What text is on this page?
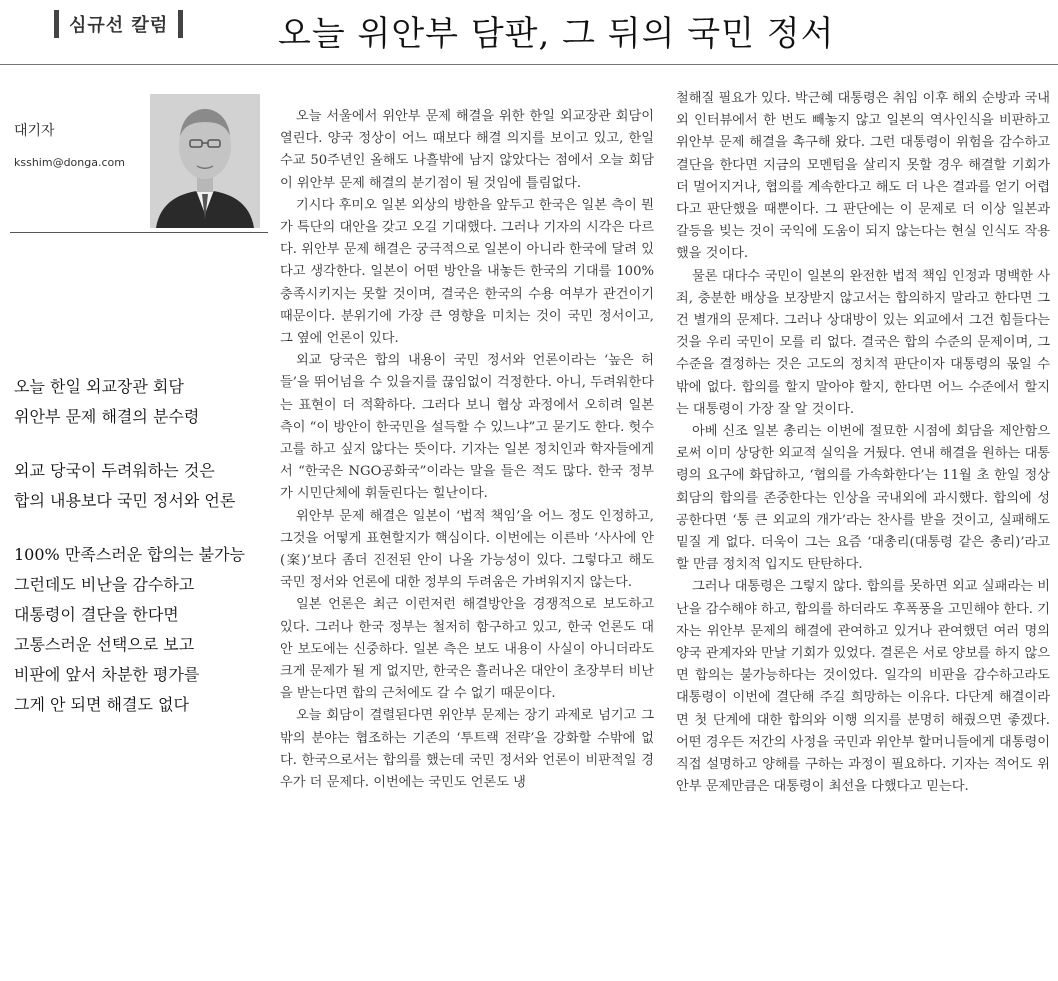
심규선 칼럼	오늘 위안부 담판, 그 뒤의 국민 정서
대기자
ksshim@donga.com
오늘 한일 외교장관 회담
위안부 문제 해결의 분수령
외교 당국이 두려워하는 것은
합의 내용보다 국민 정서와 언론
100% 만족스러운 합의는 불가능
그런데도 비난을 감수하고
대통령이 결단을 한다면
고통스러운 선택으로 보고
비판에 앞서 차분한 평가를
그게 안 되면 해결도 없다

오늘 서울에서 위안부 문제 해결을 위한 한일 외교장관 회담이 열린다. 양국 정상이 어느 때보다 해결 의지를 보이고 있고, 한일 수교 50주년인 올해도 나흘밖에 남지 않았다는 점에서 오늘 회담이 위안부 문제 해결의 분기점이 될 것임에 틀림없다.

기시다 후미오 일본 외상의 방한을 앞두고 한국은 일본 측이 뭔가 특단의 대안을 갖고 오길 기대했다. 그러나 기자의 시각은 다르다. 위안부 문제 해결은 궁극적으로 일본이 아니라 한국에 달려 있다고 생각한다. 일본이 어떤 방안을 내놓든 한국의 기대를 100% 충족시키지는 못할 것이며, 결국은 한국의 수용 여부가 관건이기 때문이다. 분위기에 가장 큰 영향을 미치는 것이 국민 정서이고, 그 옆에 언론이 있다.

외교 당국은 합의 내용이 국민 정서와 언론이라는 ‘높은 허들’을 뛰어넘을 수 있을지를 끊임없이 걱정한다. 아니, 두려워한다는 표현이 더 적확하다. 그러다 보니 협상 과정에서 오히려 일본 측이 “이 방안이 한국민을 설득할 수 있느냐”고 묻기도 한다. 헛수고를 하고 싶지 않다는 뜻이다. 기자는 일본 정치인과 학자들에게서 “한국은 NGO공화국”이라는 말을 들은 적도 많다. 한국 정부가 시민단체에 휘둘린다는 힐난이다.

위안부 문제 해결은 일본이 ‘법적 책임’을 어느 정도 인정하고, 그것을 어떻게 표현할지가 핵심이다. 이번에는 이른바 ‘사사에 안(案)’보다 좀더 진전된 안이 나올 가능성이 있다. 그렇다고 해도 국민 정서와 언론에 대한 정부의 두려움은 가벼워지지 않는다.

일본 언론은 최근 이런저런 해결방안을 경쟁적으로 보도하고 있다. 그러나 한국 정부는 철저히 함구하고 있고, 한국 언론도 대안 보도에는 신중하다. 일본 측은 보도 내용이 사실이 아니더라도 크게 문제가 될 게 없지만, 한국은 흘러나온 대안이 초장부터 비난을 받는다면 합의 근처에도 갈 수 없기 때문이다.

오늘 회담이 결렬된다면 위안부 문제는 장기 과제로 넘기고 그 밖의 분야는 협조하는 기존의 ‘투트랙 전략’을 강화할 수밖에 없다. 한국으로서는 합의를 했는데 국민 정서와 언론이 비판적일 경우가 더 문제다. 이번에는 국민도 언론도 냉

철해질 필요가 있다. 박근혜 대통령은 취임 이후 해외 순방과 국내외 인터뷰에서 한 번도 빼놓지 않고 일본의 역사인식을 비판하고 위안부 문제 해결을 촉구해 왔다. 그런 대통령이 위험을 감수하고 결단을 한다면 지금의 모멘텀을 살리지 못할 경우 해결할 기회가 더 멀어지거나, 협의를 계속한다고 해도 더 나은 결과를 얻기 어렵다고 판단했을 때뿐이다. 그 판단에는 이 문제로 더 이상 일본과 갈등을 빚는 것이 국익에 도움이 되지 않는다는 현실 인식도 작용했을 것이다.

물론 대다수 국민이 일본의 완전한 법적 책임 인정과 명백한 사죄, 충분한 배상을 보장받지 않고서는 합의하지 말라고 한다면 그건 별개의 문제다. 그러나 상대방이 있는 외교에서 그건 힘들다는 것을 우리 국민이 모를 리 없다. 결국은 합의 수준의 문제이며, 그 수준을 결정하는 것은 고도의 정치적 판단이자 대통령의 몫일 수밖에 없다. 합의를 할지 말아야 할지, 한다면 어느 수준에서 할지는 대통령이 가장 잘 알 것이다.

아베 신조 일본 총리는 이번에 절묘한 시점에 회담을 제안함으로써 이미 상당한 외교적 실익을 거뒀다. 연내 해결을 원하는 대통령의 요구에 화답하고, ‘협의를 가속화한다’는 11월 초 한일 정상회담의 합의를 존중한다는 인상을 국내외에 과시했다. 합의에 성공한다면 ‘통 큰 외교의 개가’라는 찬사를 받을 것이고, 실패해도 밑질 게 없다. 더욱이 그는 요즘 ‘대총리(대통령 같은 총리)’라고 할 만큼 정치적 입지도 탄탄하다.

그러나 대통령은 그렇지 않다. 합의를 못하면 외교 실패라는 비난을 감수해야 하고, 합의를 하더라도 후폭풍을 고민해야 한다. 기자는 위안부 문제의 해결에 관여하고 있거나 관여했던 여러 명의 양국 관계자와 만날 기회가 있었다. 결론은 서로 양보를 하지 않으면 합의는 불가능하다는 것이었다. 일각의 비판을 감수하고라도 대통령이 이번에 결단해 주길 희망하는 이유다. 다단계 해결이라면 첫 단계에 대한 합의와 이행 의지를 분명히 해줬으면 좋겠다. 어떤 경우든 저간의 사정을 국민과 위안부 할머니들에게 대통령이 직접 설명하고 양해를 구하는 과정이 필요하다. 기자는 적어도 위안부 문제만큼은 대통령이 최선을 다했다고 믿는다.
